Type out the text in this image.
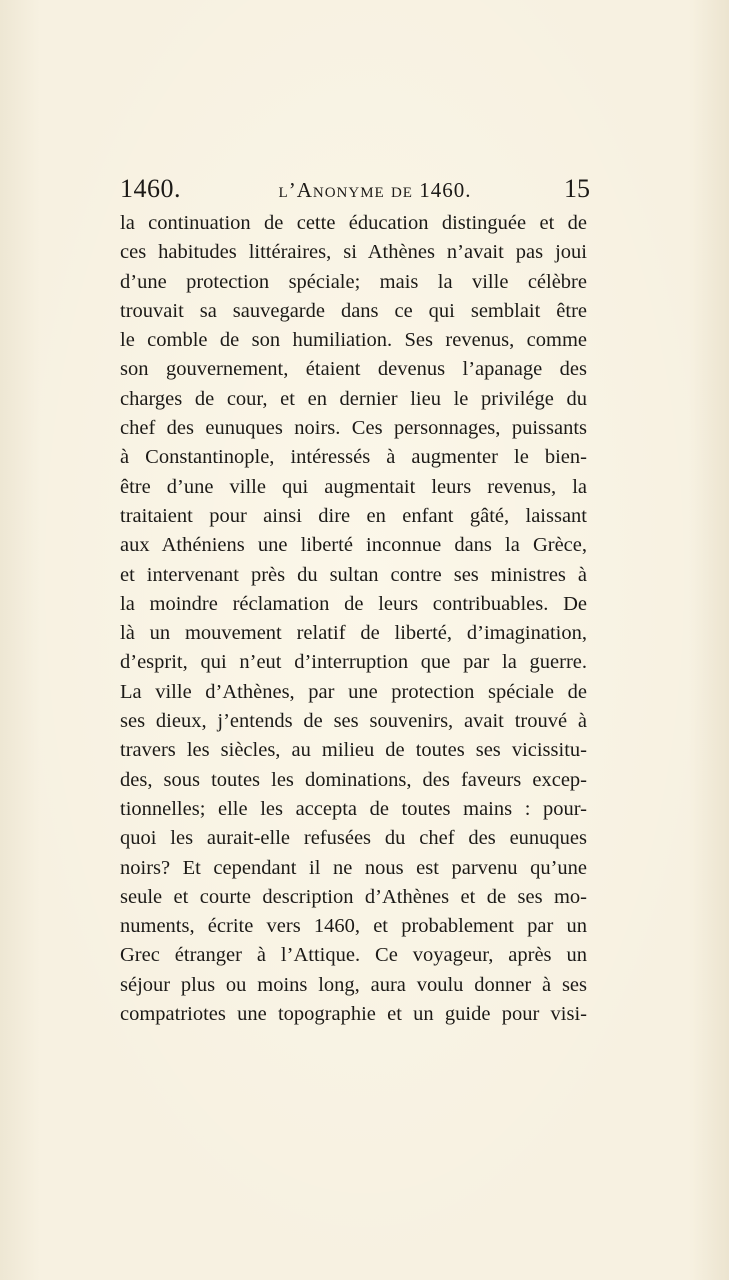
1460.	l’Anonyme de 1460.	15
la continuation de cette éducation distinguée et de
ces habitudes littéraires, si Athènes n’avait pas joui
d’une protection spéciale; mais la ville célèbre
trouvait sa sauvegarde dans ce qui semblait être
le comble de son humiliation. Ses revenus, comme
son gouvernement, étaient devenus l’apanage des
charges de cour, et en dernier lieu le privilége du
chef des eunuques noirs. Ces personnages, puissants
à Constantinople, intéressés à augmenter le bien-
être d’une ville qui augmentait leurs revenus, la
traitaient pour ainsi dire en enfant gâté, laissant
aux Athéniens une liberté inconnue dans la Grèce,
et intervenant près du sultan contre ses ministres à
la moindre réclamation de leurs contribuables. De
là un mouvement relatif de liberté, d’imagination,
d’esprit, qui n’eut d’interruption que par la guerre.
La ville d’Athènes, par une protection spéciale de
ses dieux, j’entends de ses souvenirs, avait trouvé à
travers les siècles, au milieu de toutes ses vicissitu-
des, sous toutes les dominations, des faveurs excep-
tionnelles; elle les accepta de toutes mains : pour-
quoi les aurait-elle refusées du chef des eunuques
noirs? Et cependant il ne nous est parvenu qu’une
seule et courte description d’Athènes et de ses mo-
numents, écrite vers 1460, et probablement par un
Grec étranger à l’Attique. Ce voyageur, après un
séjour plus ou moins long, aura voulu donner à ses
compatriotes une topographie et un guide pour visi-
